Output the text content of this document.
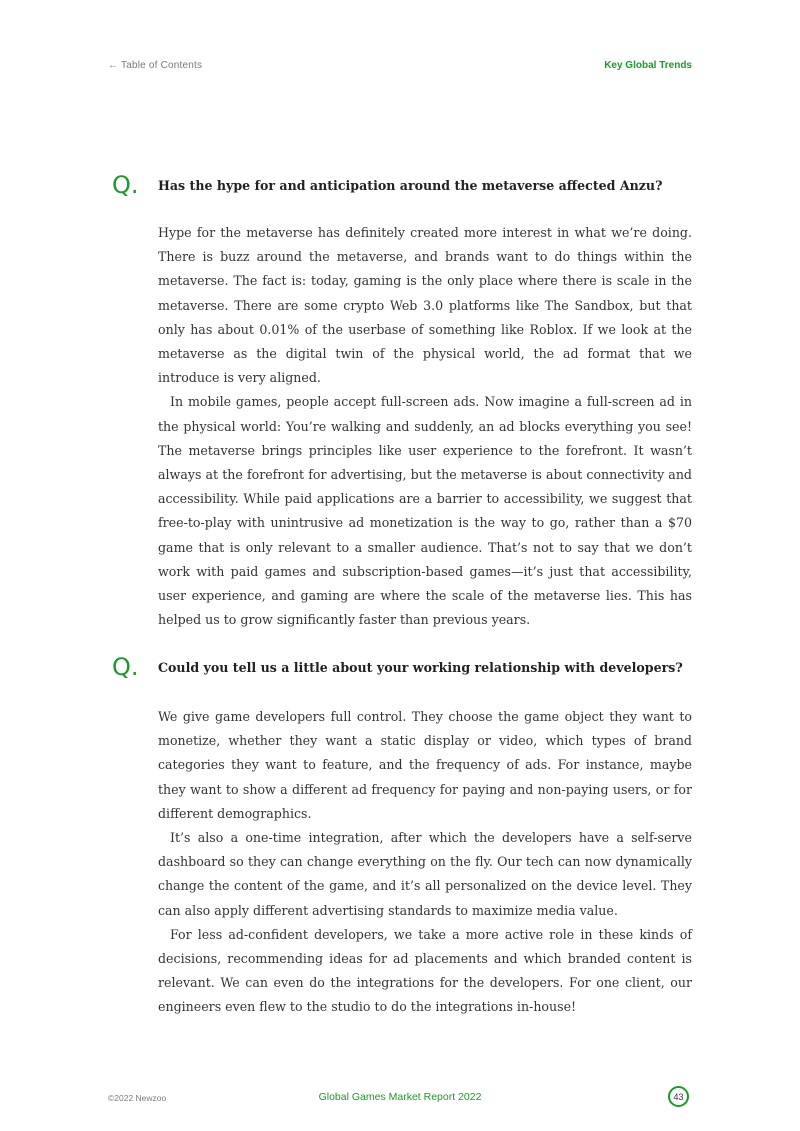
← Table of Contents	Key Global Trends
Q.	Has the hype for and anticipation around the metaverse affected Anzu?

Hype for the metaverse has definitely created more interest in what we’re doing. There is buzz around the metaverse, and brands want to do things within the metaverse. The fact is: today, gaming is the only place where there is scale in the metaverse. There are some crypto Web 3.0 platforms like The Sandbox, but that only has about 0.01% of the userbase of something like Roblox. If we look at the metaverse as the digital twin of the physical world, the ad format that we introduce is very aligned.

In mobile games, people accept full-screen ads. Now imagine a full-screen ad in the physical world: You’re walking and suddenly, an ad blocks everything you see! The metaverse brings principles like user experience to the forefront. It wasn’t always at the forefront for advertising, but the metaverse is about connectivity and accessibility. While paid applications are a barrier to accessibility, we suggest that free-to-play with unintrusive ad monetization is the way to go, rather than a $70 game that is only relevant to a smaller audience. That’s not to say that we don’t work with paid games and subscription-based games—it’s just that accessibility, user experience, and gaming are where the scale of the metaverse lies. This has helped us to grow significantly faster than previous years.

Q.	Could you tell us a little about your working relationship with developers?

We give game developers full control. They choose the game object they want to monetize, whether they want a static display or video, which types of brand categories they want to feature, and the frequency of ads. For instance, maybe they want to show a different ad frequency for paying and non-paying users, or for different demographics.

It’s also a one-time integration, after which the developers have a self-serve dashboard so they can change everything on the fly. Our tech can now dynamically change the content of the game, and it’s all personalized on the device level. They can also apply different advertising standards to maximize media value.

For less ad-confident developers, we take a more active role in these kinds of decisions, recommending ideas for ad placements and which branded content is relevant. We can even do the integrations for the developers. For one client, our engineers even flew to the studio to do the integrations in-house!

©2022 Newzoo	Global Games Market Report 2022	43
